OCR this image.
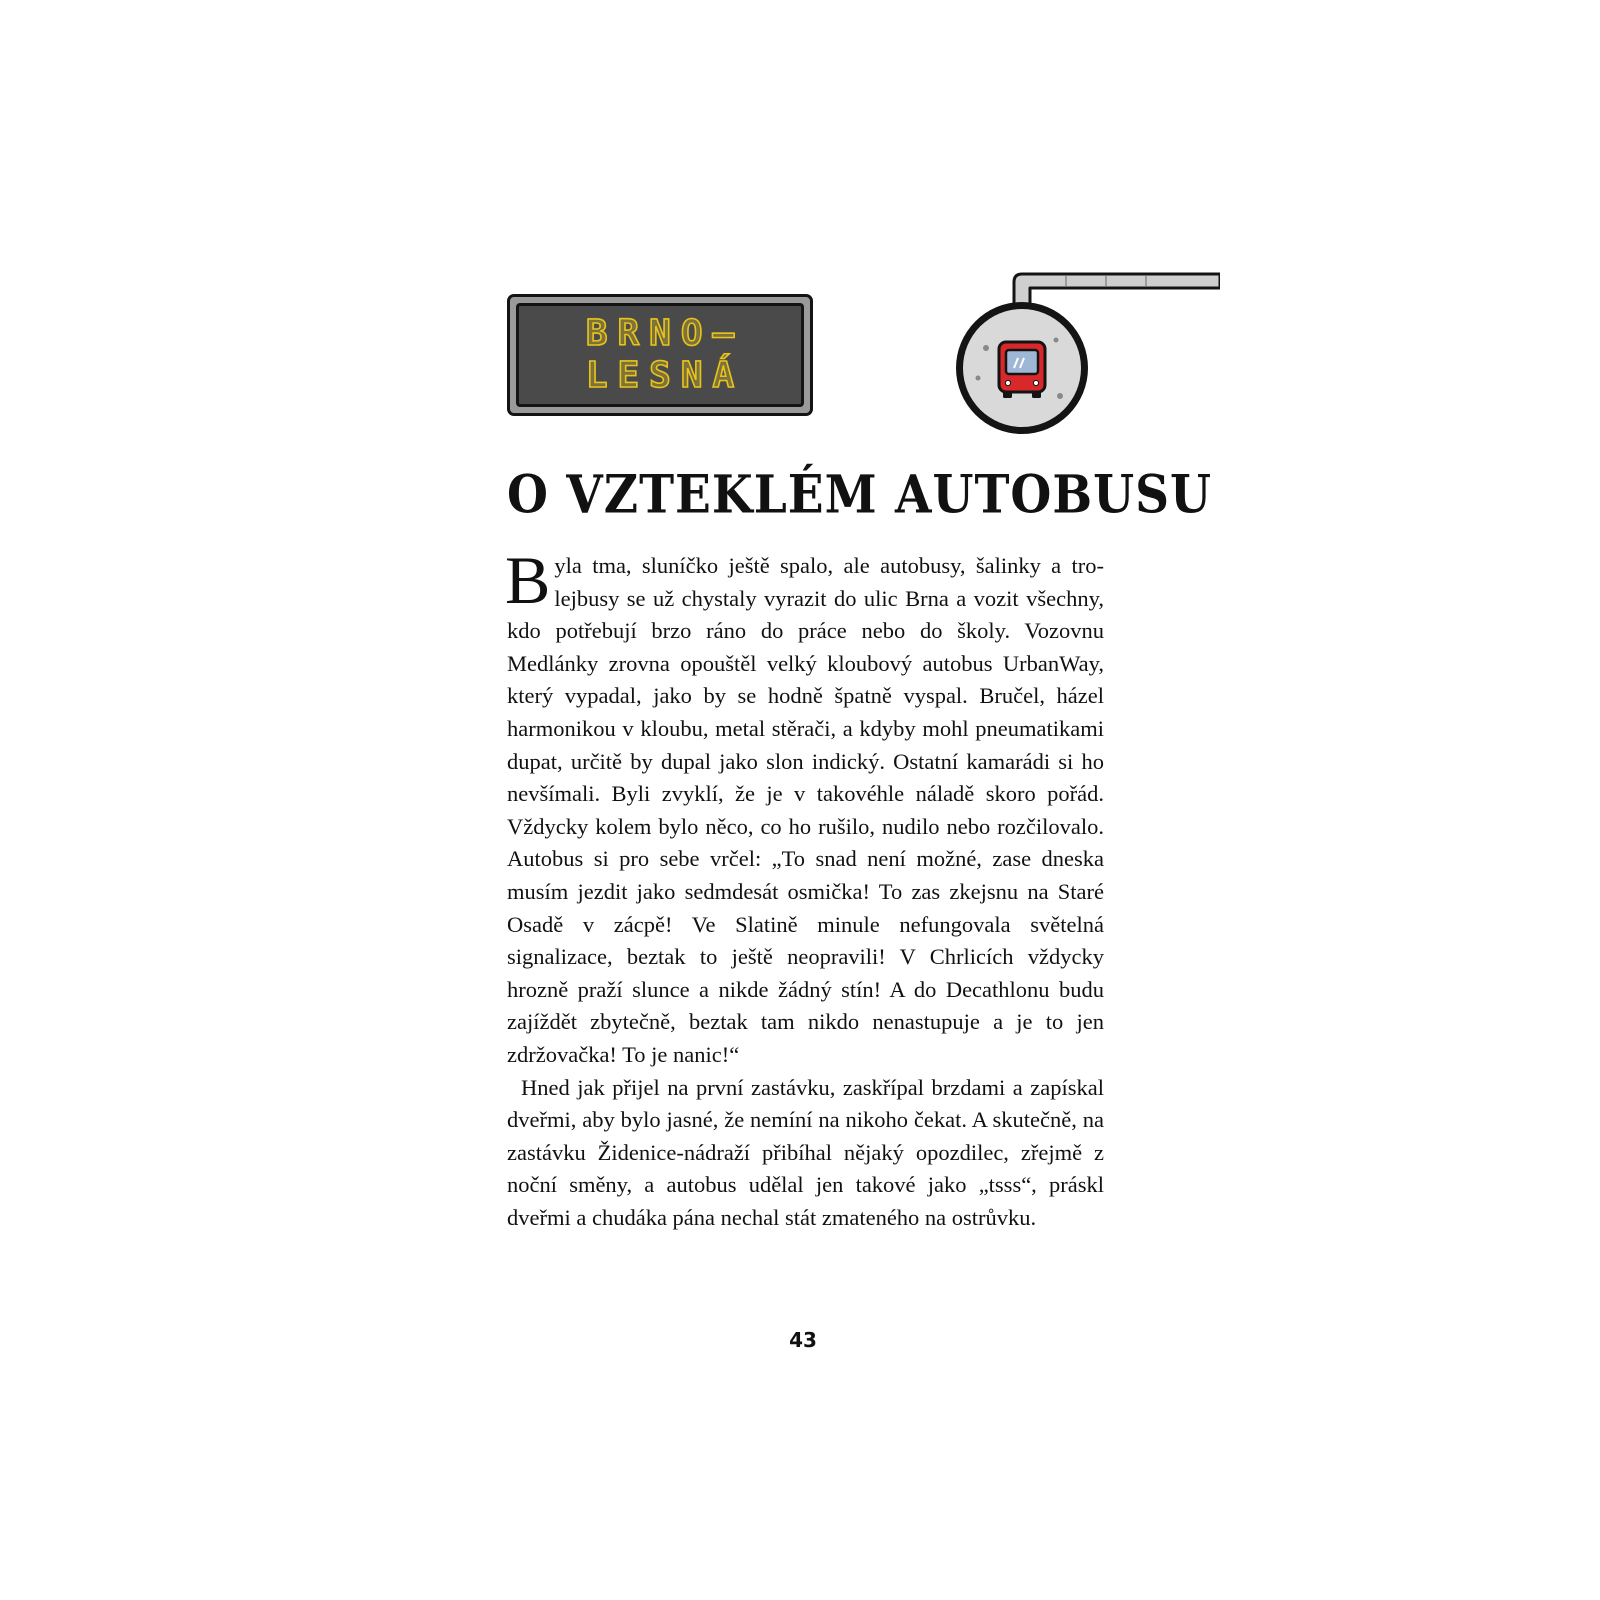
BRNO–
LESNÁ
O VZTEKLÉM AUTOBUSU

Byla tma, sluníčko ještě spalo, ale autobusy, šalinky a trolejbusy se už chystaly vyrazit do ulic Brna a vozit všechny, kdo potřebují brzo ráno do práce nebo do školy. Vozovnu Medlánky zrovna opouštěl velký kloubový autobus UrbanWay, který vypadal, jako by se hodně špatně vyspal. Bručel, házel harmonikou v kloubu, metal stěrači, a kdyby mohl pneumatikami dupat, určitě by dupal jako slon indický. Ostatní kamarádi si ho nevšímali. Byli zvyklí, že je v takovéhle náladě skoro pořád. Vždycky kolem bylo něco, co ho rušilo, nudilo nebo rozčilovalo. Autobus si pro sebe vrčel: „To snad není možné, zase dneska musím jezdit jako sedmdesát osmička! To zas zkejsnu na Staré Osadě v zácpě! Ve Slatině minule nefungovala světelná signalizace, beztak to ještě neopravili! V Chrlicích vždycky hrozně praží slunce a nikde žádný stín! A do Decathlonu budu zajíždět zbytečně, beztak tam nikdo nenastupuje a je to jen zdržovačka! To je nanic!“

Hned jak přijel na první zastávku, zaskřípal brzdami a zapískal dveřmi, aby bylo jasné, že nemíní na nikoho čekat. A skutečně, na zastávku Židenice-nádraží přibíhal nějaký opozdilec, zřejmě z noční směny, a autobus udělal jen takové jako „tsss“, práskl dveřmi a chudáka pána nechal stát zmateného na ostrůvku.

43
